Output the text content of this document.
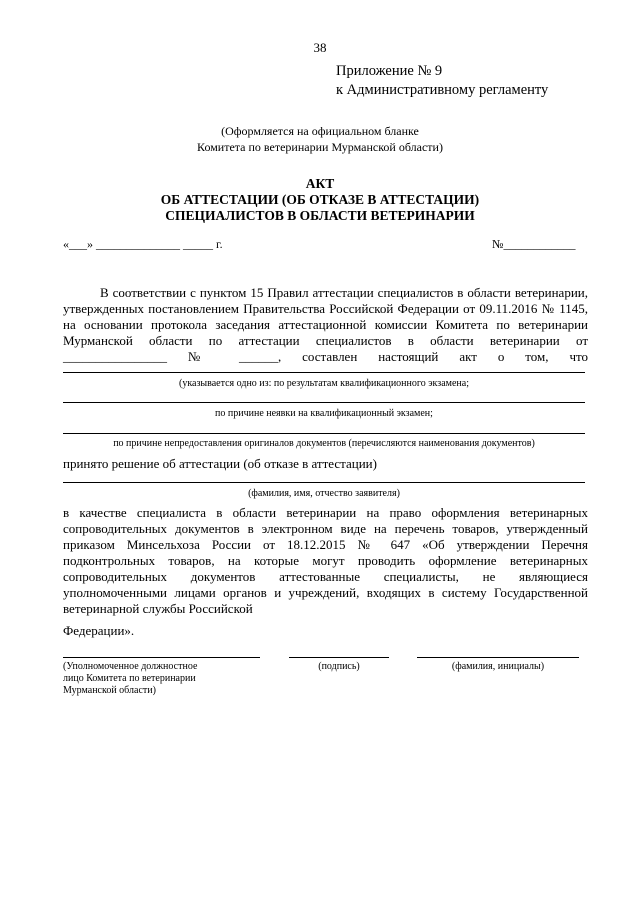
38
Приложение № 9
к Административному регламенту
(Оформляется на официальном бланке
Комитета по ветеринарии Мурманской области)
АКТ
ОБ АТТЕСТАЦИИ (ОБ ОТКАЗЕ В АТТЕСТАЦИИ)
СПЕЦИАЛИСТОВ В ОБЛАСТИ ВЕТЕРИНАРИИ
«___» ______________ _____ г.	№____________
В соответствии с пунктом 15 Правил аттестации специалистов в области ветеринарии,
утвержденных постановлением Правительства Российской Федерации от 09.11.2016 № 1145,
на основании протокола заседания аттестационной комиссии Комитета по ветеринарии
Мурманской области по аттестации специалистов в области ветеринарии от
________________ № ______, составлен настоящий акт о том, что
(указывается одно из: по результатам квалификационного экзамена;
по причине неявки на квалификационный экзамен;
по причине непредоставления оригиналов документов (перечисляются наименования документов)
принято решение об аттестации (об отказе в аттестации)
(фамилия, имя, отчество заявителя)
в качестве специалиста в области ветеринарии на право оформления ветеринарных
сопроводительных документов в электронном виде на перечень товаров, утвержденный
приказом Минсельхоза России от 18.12.2015 № 647 «Об утверждении Перечня
подконтрольных товаров, на которые могут проводить оформление ветеринарных
сопроводительных документов аттестованные специалисты, не являющиеся
уполномоченными лицами органов и учреждений, входящих в систему Государственной
ветеринарной службы Российской
Федерации».
(Уполномоченное должностное
лицо Комитета по ветеринарии
Мурманской области)
(подпись)	(фамилия, инициалы)
